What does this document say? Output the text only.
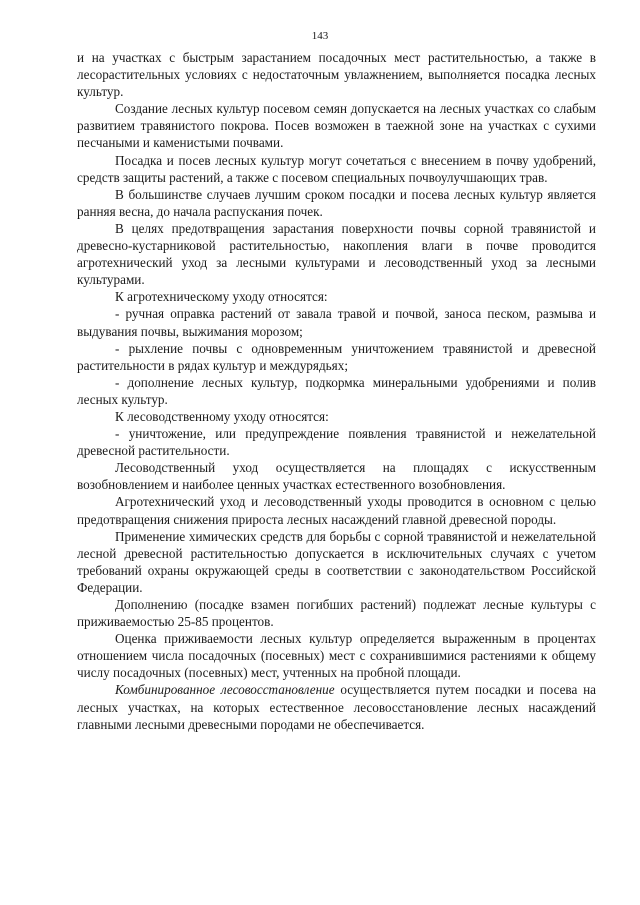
143

и на участках с быстрым зарастанием посадочных мест растительностью, а также в лесорастительных условиях с недостаточным увлажнением, выполняется посадка лесных культур.

Создание лесных культур посевом семян допускается на лесных участках со слабым развитием травянистого покрова. Посев возможен в таежной зоне на участках с сухими песчаными и каменистыми почвами.

Посадка и посев лесных культур могут сочетаться с внесением в почву удобрений, средств защиты растений, а также с посевом специальных почвоулучшающих трав.

В большинстве случаев лучшим сроком посадки и посева лесных культур является ранняя весна, до начала распускания почек.

В целях предотвращения зарастания поверхности почвы сорной травянистой и древесно-кустарниковой растительностью, накопления влаги в почве проводится агротехнический уход за лесными культурами и лесоводственный уход за лесными культурами.

К агротехническому уходу относятся:

- ручная оправка растений от завала травой и почвой, заноса песком, размыва и выдувания почвы, выжимания морозом;

- рыхление почвы с одновременным уничтожением травянистой и древесной растительности в рядах культур и междурядьях;

- дополнение лесных культур, подкормка минеральными удобрениями и полив лесных культур.

К лесоводственному уходу относятся:

- уничтожение, или предупреждение появления травянистой и нежелательной древесной растительности.

Лесоводственный уход осуществляется на площадях с искусственным возобновлением и наиболее ценных участках естественного возобновления.

Агротехнический уход и лесоводственный уходы проводится в основном с целью предотвращения снижения прироста лесных насаждений главной древесной породы.

Применение химических средств для борьбы с сорной травянистой и нежелательной лесной древесной растительностью допускается в исключительных случаях с учетом требований охраны окружающей среды в соответствии с законодательством Российской Федерации.

Дополнению (посадке взамен погибших растений) подлежат лесные культуры с приживаемостью 25-85 процентов.

Оценка приживаемости лесных культур определяется выраженным в процентах отношением числа посадочных (посевных) мест с сохранившимися растениями к общему числу посадочных (посевных) мест, учтенных на пробной площади.

Комбинированное лесовосстановление осуществляется путем посадки и посева на лесных участках, на которых естественное лесовосстановление лесных насаждений главными лесными древесными породами не обеспечивается.
